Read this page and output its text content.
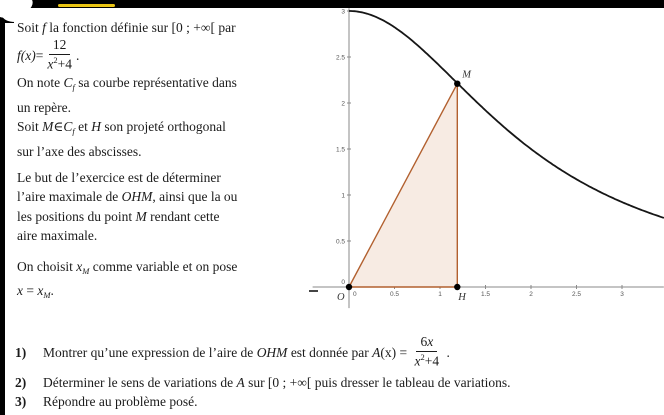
Soit f la fonction définie sur [0 ; +∞[ par
$f(x) = \frac{12}{x^2+4}$ .
On note $C_f$ sa courbe représentative dans
un repère.
Soit $M\in C_f$ et H son projeté orthogonal
sur l’axe des abscisses.
Le but de l’exercice est de déterminer
l’aire maximale de OHM, ainsi que la ou
les positions du point M rendant cette
aire maximale.
On choisit $x_M$ comme variable et on pose
$x = x_M$.	0	0.5	1	1.5	2	2.5	3
0
0.5
1
1.5
2
2.5
3
O	H
M
1)	Montrer qu’une expression de l’aire de OHM est donnée par A $(x) = \frac{6x}{x^2+4}$ .
2)	Déterminer le sens de variations de A sur [0 ; +∞[ puis dresser le tableau de variations.
3)	Répondre au problème posé.
